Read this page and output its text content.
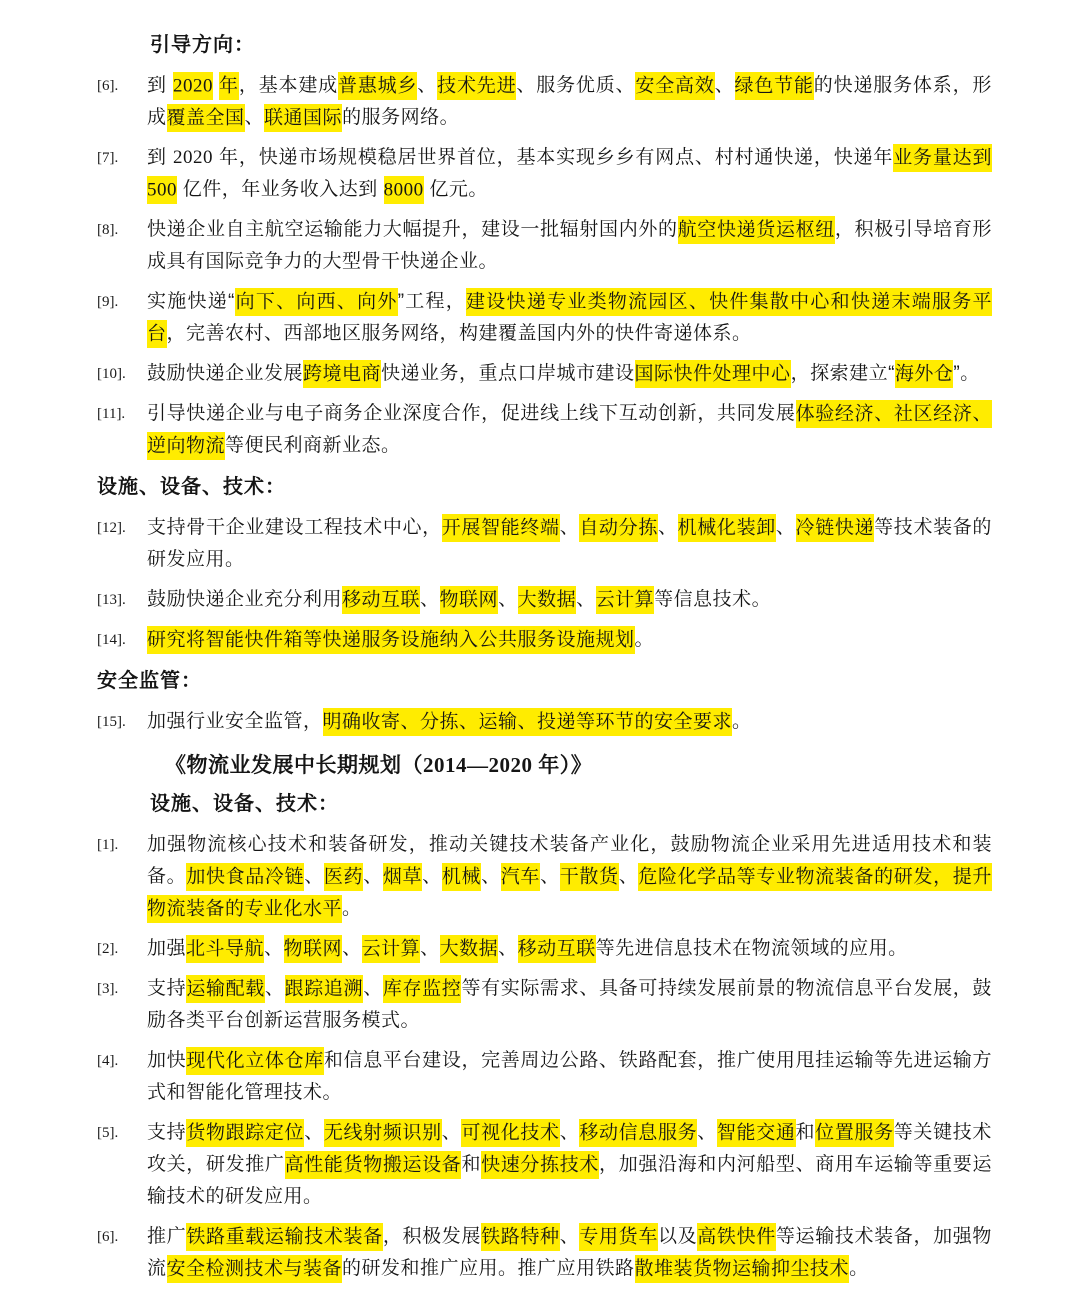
引导方向：
[6].	到 2020 年，基本建成普惠城乡、技术先进、服务优质、安全高效、绿色节能的快递服务体系，形成覆盖全国、联通国际的服务网络。
[7].	到 2020 年，快递市场规模稳居世界首位，基本实现乡乡有网点、村村通快递，快递年业务量达到 500 亿件，年业务收入达到 8000 亿元。
[8].	快递企业自主航空运输能力大幅提升，建设一批辐射国内外的航空快递货运枢纽，积极引导培育形成具有国际竞争力的大型骨干快递企业。
[9].	实施快递“向下、向西、向外”工程，建设快递专业类物流园区、快件集散中心和快递末端服务平台，完善农村、西部地区服务网络，构建覆盖国内外的快件寄递体系。
[10].	鼓励快递企业发展跨境电商快递业务，重点口岸城市建设国际快件处理中心，探索建立“海外仓”。
[11].	引导快递企业与电子商务企业深度合作，促进线上线下互动创新，共同发展体验经济、社区经济、逆向物流等便民利商新业态。
设施、设备、技术：
[12].	支持骨干企业建设工程技术中心，开展智能终端、自动分拣、机械化装卸、冷链快递等技术装备的研发应用。
[13].	鼓励快递企业充分利用移动互联、物联网、大数据、云计算等信息技术。
[14].	研究将智能快件箱等快递服务设施纳入公共服务设施规划。
安全监管：
[15].	加强行业安全监管，明确收寄、分拣、运输、投递等环节的安全要求。
《物流业发展中长期规划（2014—2020 年）》
设施、设备、技术：
[1].	加强物流核心技术和装备研发，推动关键技术装备产业化，鼓励物流企业采用先进适用技术和装备。加快食品冷链、医药、烟草、机械、汽车、干散货、危险化学品等专业物流装备的研发，提升物流装备的专业化水平。
[2].	加强北斗导航、物联网、云计算、大数据、移动互联等先进信息技术在物流领域的应用。
[3].	支持运输配载、跟踪追溯、库存监控等有实际需求、具备可持续发展前景的物流信息平台发展，鼓励各类平台创新运营服务模式。
[4].	加快现代化立体仓库和信息平台建设，完善周边公路、铁路配套，推广使用甩挂运输等先进运输方式和智能化管理技术。
[5].	支持货物跟踪定位、无线射频识别、可视化技术、移动信息服务、智能交通和位置服务等关键技术攻关，研发推广高性能货物搬运设备和快速分拣技术，加强沿海和内河船型、商用车运输等重要运输技术的研发应用。
[6].	推广铁路重载运输技术装备，积极发展铁路特种、专用货车以及高铁快件等运输技术装备，加强物流安全检测技术与装备的研发和推广应用。推广应用铁路散堆装货物运输抑尘技术。
